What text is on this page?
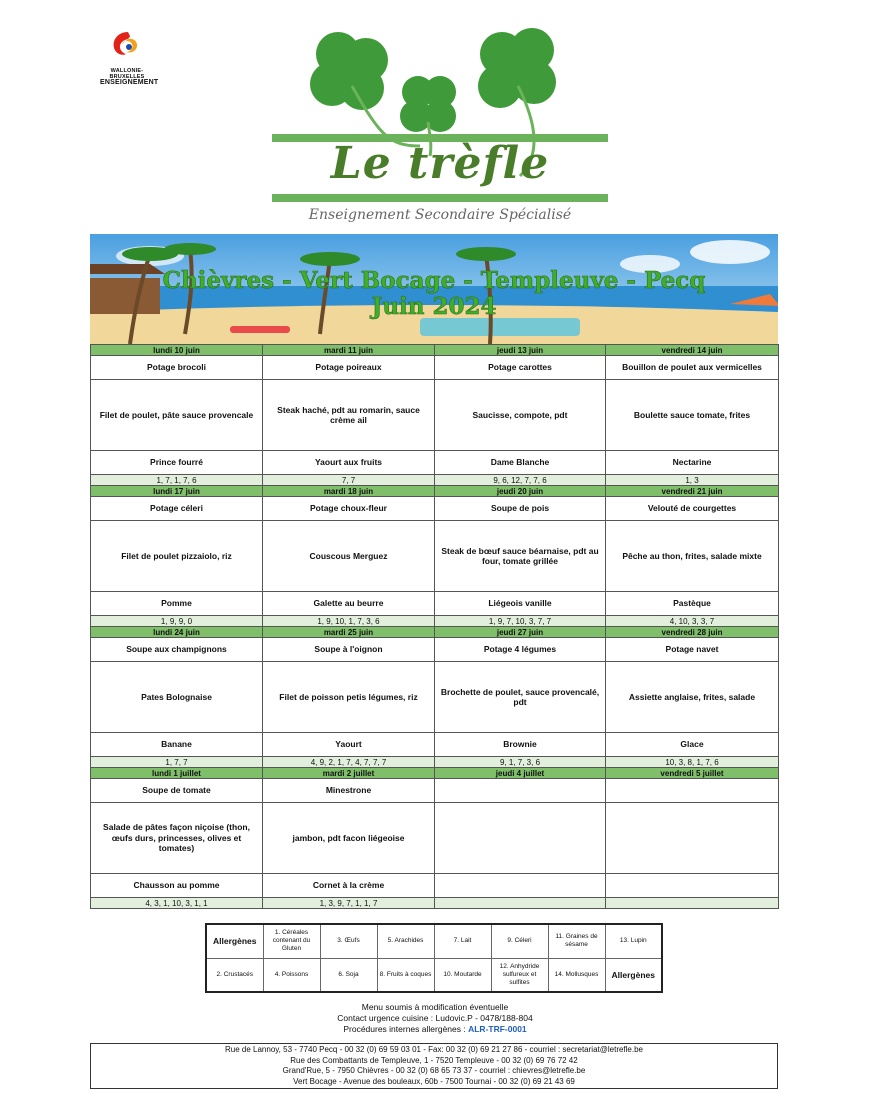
WALLONIE-BRUXELLES
ENSEIGNEMENT
Le trèfle
Enseignement Secondaire Spécialisé
Chièvres - Vert Bocage - Templeuve - Pecq
Juin 2024
lundi 10 juin	mardi 11 juin	jeudi 13 juin	vendredi 14 juin
Potage brocoli	Potage poireaux	Potage carottes	Bouillon de poulet aux vermicelles
Filet de poulet, pâte sauce provencale	Steak haché, pdt au romarin, sauce crème ail	Saucisse, compote, pdt	Boulette sauce tomate, frites
Prince fourré	Yaourt aux fruits	Dame Blanche	Nectarine
1, 7, 1, 7, 6	7, 7	9, 6, 12, 7, 7, 6	1, 3
lundi 17 juin	mardi 18 juin	jeudi 20 juin	vendredi 21 juin
Potage céleri	Potage choux-fleur	Soupe de pois	Velouté de courgettes
Filet de poulet pizzaiolo, riz	Couscous Merguez	Steak de bœuf sauce béarnaise, pdt au four, tomate grillée	Pêche au thon, frites, salade mixte
Pomme	Galette au beurre	Liégeois vanille	Pastèque
1, 9, 9, 0	1, 9, 10, 1, 7, 3, 6	1, 9, 7, 10, 3, 7, 7	4, 10, 3, 3, 7
lundi 24 juin	mardi 25 juin	jeudi 27 juin	vendredi 28 juin
Soupe aux champignons	Soupe à l'oignon	Potage 4 légumes	Potage navet
Pates Bolognaise	Filet de poisson petis légumes, riz	Brochette de poulet, sauce provencalé, pdt	Assiette anglaise, frites, salade
Banane	Yaourt	Brownie	Glace
1, 7, 7	4, 9, 2, 1, 7, 4, 7, 7, 7	9, 1, 7, 3, 6	10, 3, 8, 1, 7, 6
lundi 1 juillet	mardi 2 juillet	jeudi 4 juillet	vendredi 5 juillet
Soupe de tomate	Minestrone		
Salade de pâtes façon niçoise (thon, œufs durs, princesses, olives et tomates)	jambon, pdt facon liégeoise		
Chausson au pomme	Cornet à la crème		
4, 3, 1, 10, 3, 1, 1	1, 3, 9, 7, 1, 1, 7		
Allergènes	1. Céréales contenant du Gluten	3. Œufs	5. Arachides	7. Lait	9. Céleri	11. Graines de sésame	13. Lupin
2. Crustacés	4. Poissons	6. Soja	8. Fruits à coques	10. Moutarde	12. Anhydride sulfureux et sulfites	14. Mollusques	Allergènes
Menu soumis à modification éventuelle
Contact urgence cuisine : Ludovic.P - 0478/188-804
Procédures internes allergènes : ALR-TRF-0001
Rue de Lannoy, 53 - 7740 Pecq - 00 32 (0) 69 59 03 01 - Fax: 00 32 (0) 69 21 27 86 - courriel : secretariat@letrefle.be
Rue des Combattants de Templeuve, 1 - 7520 Templeuve - 00 32 (0) 69 76 72 42
Grand'Rue, 5 - 7950 Chièvres - 00 32 (0) 68 65 73 37 - courriel : chievres@letrefle.be
Vert Bocage - Avenue des bouleaux, 60b - 7500 Tournai - 00 32 (0) 69 21 43 69
